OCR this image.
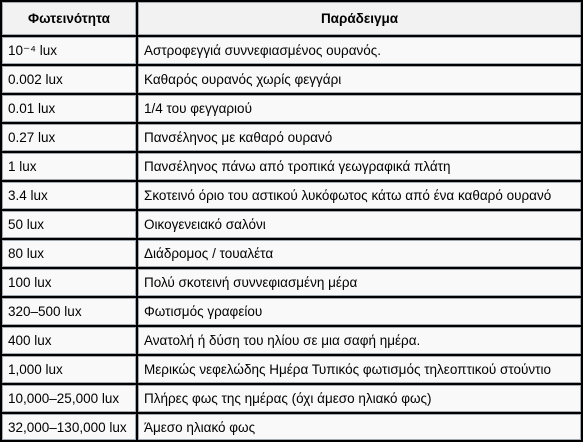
Φωτεινότητα	Παράδειγμα
10⁻⁴ lux	Αστροφεγγιά συννεφιασμένος ουρανός.
0.002 lux	Καθαρός ουρανός χωρίς φεγγάρι
0.01 lux	1/4 του φεγγαριού
0.27 lux	Πανσέληνος με καθαρό ουρανό
1 lux	Πανσέληνος πάνω από τροπικά γεωγραφικά πλάτη
3.4 lux	Σκοτεινό όριο του αστικού λυκόφωτος κάτω από ένα καθαρό ουρανό
50 lux	Οικογενειακό σαλόνι
80 lux	Διάδρομος / τουαλέτα
100 lux	Πολύ σκοτεινή συννεφιασμένη μέρα
320–500 lux	Φωτισμός γραφείου
400 lux	Ανατολή ή δύση του ηλίου σε μια σαφή ημέρα.
1,000 lux	Μερικώς νεφελώδης Ημέρα Τυπικός φωτισμός τηλεοπτικού στούντιο
10,000–25,000 lux	Πλήρες φως της ημέρας (όχι άμεσο ηλιακό φως)
32,000–130,000 lux	Άμεσο ηλιακό φως
